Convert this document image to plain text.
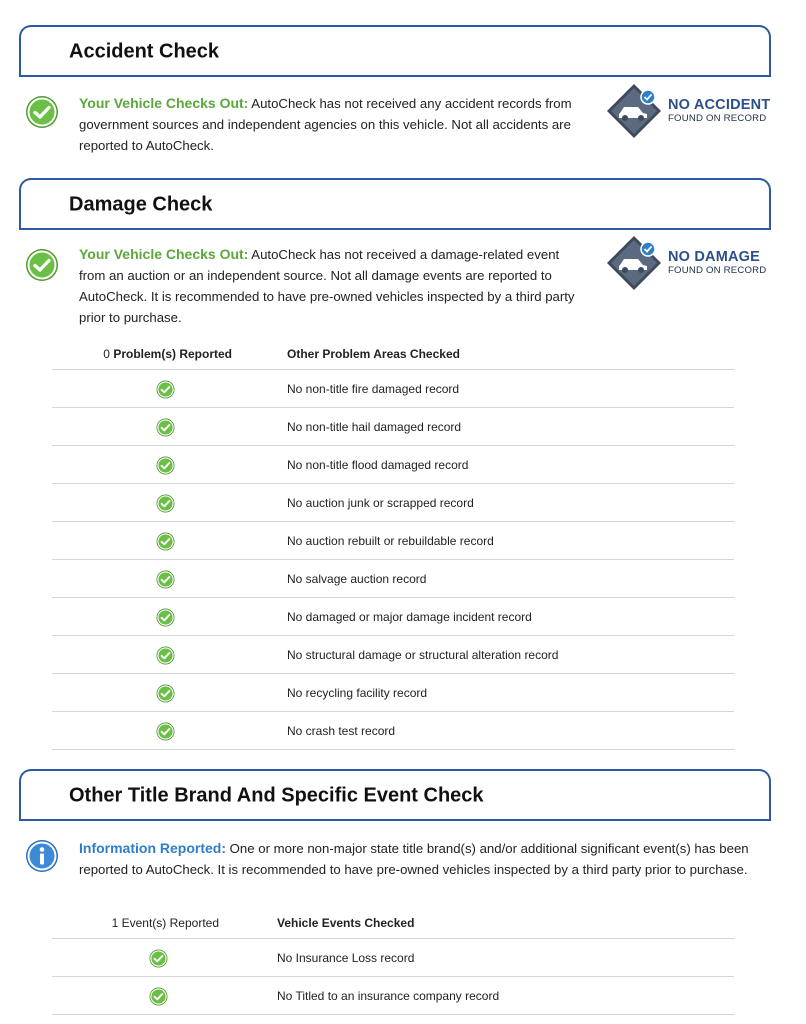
Accident Check
Your Vehicle Checks Out: AutoCheck has not received any accident records from government sources and independent agencies on this vehicle. Not all accidents are reported to AutoCheck.
NO ACCIDENT
FOUND ON RECORD
Damage Check
Your Vehicle Checks Out: AutoCheck has not received a damage-related event from an auction or an independent source. Not all damage events are reported to AutoCheck. It is recommended to have pre-owned vehicles inspected by a third party prior to purchase.
NO DAMAGE
FOUND ON RECORD
0 Problem(s) Reported	Other Problem Areas Checked
No non-title fire damaged record
No non-title hail damaged record
No non-title flood damaged record
No auction junk or scrapped record
No auction rebuilt or rebuildable record
No salvage auction record
No damaged or major damage incident record
No structural damage or structural alteration record
No recycling facility record
No crash test record
Other Title Brand And Specific Event Check
Information Reported: One or more non-major state title brand(s) and/or additional significant event(s) has been reported to AutoCheck. It is recommended to have pre-owned vehicles inspected by a third party prior to purchase.
1 Event(s) Reported	Vehicle Events Checked
No Insurance Loss record
No Titled to an insurance company record
